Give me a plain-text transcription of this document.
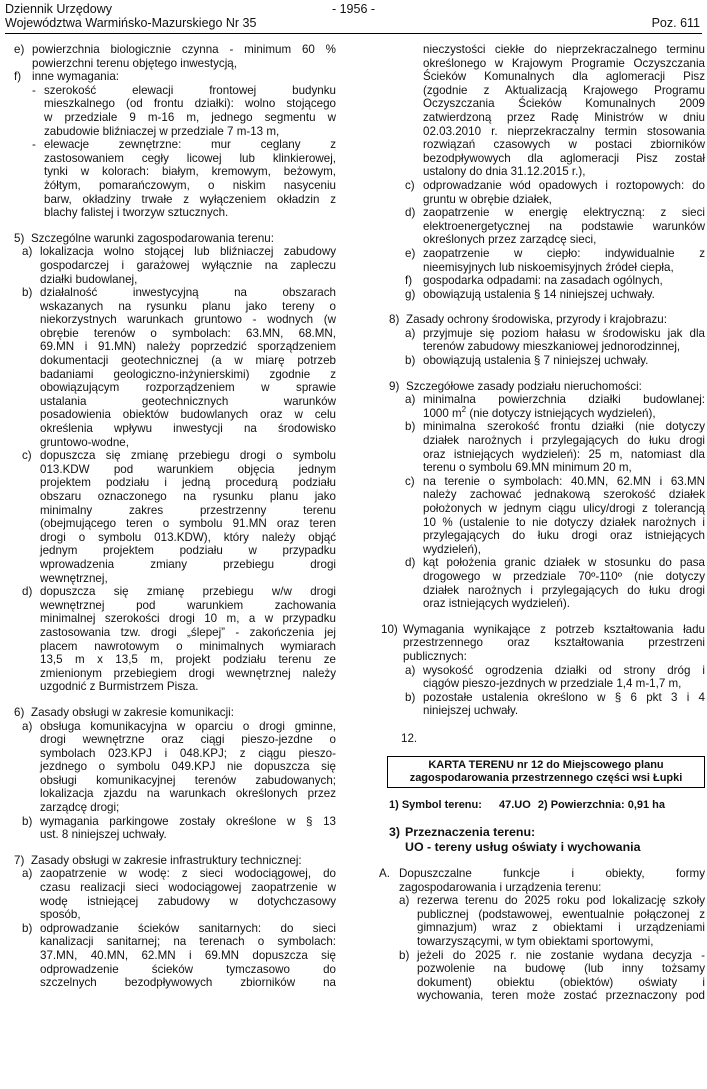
Dziennik Urzędowy
Województwa Warmińsko-Mazurskiego Nr 35
- 1956 -
Poz. 611
e) powierzchnia biologicznie czynna - minimum 60 %
powierzchni terenu objętego inwestycją,
f) inne wymagania:
- szerokość elewacji frontowej budynku
mieszkalnego (od frontu działki): wolno stojącego
w przedziale 9 m-16 m, jednego segmentu w
zabudowie bliźniaczej w przedziale 7 m-13 m,
- elewacje zewnętrzne: mur ceglany z
zastosowaniem cegły licowej lub klinkierowej,
tynki w kolorach: białym, kremowym, beżowym,
żółtym, pomarańczowym, o niskim nasyceniu
barw, okładziny trwałe z wyłączeniem okładzin z
blachy falistej i tworzyw sztucznych.
5) Szczególne warunki zagospodarowania terenu:
a) lokalizacja wolno stojącej lub bliźniaczej zabudowy
gospodarczej i garażowej wyłącznie na zapleczu
działki budowlanej,
b) działalność inwestycyjną na obszarach
wskazanych na rysunku planu jako tereny o
niekorzystnych warunkach gruntowo - wodnych (w
obrębie terenów o symbolach: 63.MN, 68.MN,
69.MN i 91.MN) należy poprzedzić sporządzeniem
dokumentacji geotechnicznej (a w miarę potrzeb
badaniami geologiczno-inżynierskimi) zgodnie z
obowiązującym rozporządzeniem w sprawie
ustalania geotechnicznych warunków
posadowienia obiektów budowlanych oraz w celu
określenia wpływu inwestycji na środowisko
gruntowo-wodne,
c) dopuszcza się zmianę przebiegu drogi o symbolu
013.KDW pod warunkiem objęcia jednym
projektem podziału i jedną procedurą podziału
obszaru oznaczonego na rysunku planu jako
minimalny zakres przestrzenny terenu
(obejmującego teren o symbolu 91.MN oraz teren
drogi o symbolu 013.KDW), który należy objąć
jednym projektem podziału w przypadku
wprowadzenia zmiany przebiegu drogi
wewnętrznej,
d) dopuszcza się zmianę przebiegu w/w drogi
wewnętrznej pod warunkiem zachowania
minimalnej szerokości drogi 10 m, a w przypadku
zastosowania tzw. drogi „ślepej” - zakończenia jej
placem nawrotowym o minimalnych wymiarach
13,5 m x 13,5 m, projekt podziału terenu ze
zmienionym przebiegiem drogi wewnętrznej należy
uzgodnić z Burmistrzem Pisza.
6) Zasady obsługi w zakresie komunikacji:
a) obsługa komunikacyjna w oparciu o drogi gminne,
drogi wewnętrzne oraz ciągi pieszo-jezdne o
symbolach 023.KPJ i 048.KPJ; z ciągu pieszo-
jezdnego o symbolu 049.KPJ nie dopuszcza się
obsługi komunikacyjnej terenów zabudowanych;
lokalizacja zjazdu na warunkach określonych przez
zarządcę drogi;
b) wymagania parkingowe zostały określone w § 13
ust. 8 niniejszej uchwały.
7) Zasady obsługi w zakresie infrastruktury technicznej:
a) zaopatrzenie w wodę: z sieci wodociągowej, do
czasu realizacji sieci wodociągowej zaopatrzenie w
wodę istniejącej zabudowy w dotychczasowy
sposób,
b) odprowadzanie ścieków sanitarnych: do sieci
kanalizacji sanitarnej; na terenach o symbolach:
37.MN, 40.MN, 62.MN i 69.MN dopuszcza się
odprowadzenie ścieków tymczasowo do
szczelnych bezodpływowych zbiorników na
nieczystości ciekłe do nieprzekraczalnego terminu
określonego w Krajowym Programie Oczyszczania
Ścieków Komunalnych dla aglomeracji Pisz
(zgodnie z Aktualizacją Krajowego Programu
Oczyszczania Ścieków Komunalnych 2009
zatwierdzoną przez Radę Ministrów w dniu
02.03.2010 r. nieprzekraczalny termin stosowania
rozwiązań czasowych w postaci zbiorników
bezodpływowych dla aglomeracji Pisz został
ustalony do dnia 31.12.2015 r.),
c) odprowadzanie wód opadowych i roztopowych: do
gruntu w obrębie działek,
d) zaopatrzenie w energię elektryczną: z sieci
elektroenergetycznej na podstawie warunków
określonych przez zarządcę sieci,
e) zaopatrzenie w ciepło: indywidualnie z
nieemisyjnych lub niskoemisyjnych źródeł ciepła,
f) gospodarka odpadami: na zasadach ogólnych,
g) obowiązują ustalenia § 14 niniejszej uchwały.
8) Zasady ochrony środowiska, przyrody i krajobrazu:
a) przyjmuje się poziom hałasu w środowisku jak dla
terenów zabudowy mieszkaniowej jednorodzinnej,
b) obowiązują ustalenia § 7 niniejszej uchwały.
9) Szczegółowe zasady podziału nieruchomości:
a) minimalna powierzchnia działki budowlanej:
1000 $m^2$ (nie dotyczy istniejących wydzieleń),
b) minimalna szerokość frontu działki (nie dotyczy
działek narożnych i przylegających do łuku drogi
oraz istniejących wydzieleń): 25 m, natomiast dla
terenu o symbolu 69.MN minimum 20 m,
c) na terenie o symbolach: 40.MN, 62.MN i 63.MN
należy zachować jednakową szerokość działek
położonych w jednym ciągu ulicy/drogi z tolerancją
10 % (ustalenie to nie dotyczy działek narożnych i
przylegających do łuku drogi oraz istniejących
wydzieleń),
d) kąt położenia granic działek w stosunku do pasa
drogowego w przedziale 70º-110º (nie dotyczy
działek narożnych i przylegających do łuku drogi
oraz istniejących wydzieleń).
10) Wymagania wynikające z potrzeb kształtowania ładu
przestrzennego oraz kształtowania przestrzeni
publicznych:
a) wysokość ogrodzenia działki od strony dróg i
ciągów pieszo-jezdnych w przedziale 1,4 m-1,7 m,
b) pozostałe ustalenia określono w § 6 pkt 3 i 4
niniejszej uchwały.
12.
KARTA TERENU nr 12 do Miejscowego planu
zagospodarowania przestrzennego części wsi Łupki
1) Symbol terenu: 47.UO 2) Powierzchnia: 0,91 ha
3) Przeznaczenia terenu:
UO - tereny usług oświaty i wychowania
A. Dopuszczalne funkcje i obiekty, formy
zagospodarowania i urządzenia terenu:
a) rezerwa terenu do 2025 roku pod lokalizację szkoły
publicznej (podstawowej, ewentualnie połączonej z
gimnazjum) wraz z obiektami i urządzeniami
towarzyszącymi, w tym obiektami sportowymi,
b) jeżeli do 2025 r. nie zostanie wydana decyzja -
pozwolenie na budowę (lub inny tożsamy
dokument) obiektu (obiektów) oświaty i
wychowania, teren może zostać przeznaczony pod
